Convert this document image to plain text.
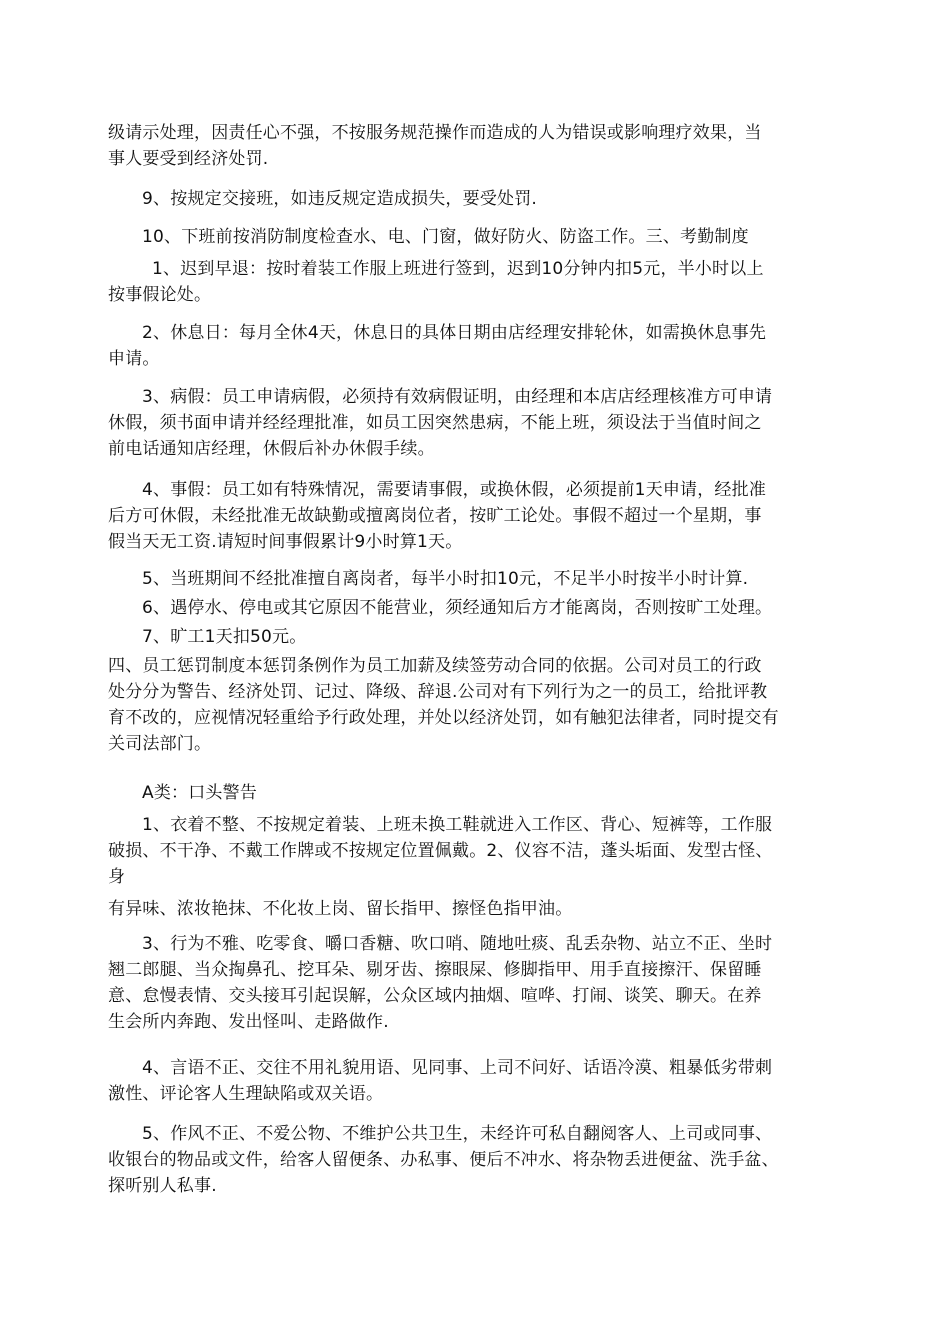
级请示处理，因责任心不强，不按服务规范操作而造成的人为错误或影响理疗效果，当
事人要受到经济处罚.
9、按规定交接班，如违反规定造成损失，要受处罚.
10、下班前按消防制度检查水、电、门窗，做好防火、防盗工作。三、考勤制度
1、迟到早退：按时着装工作服上班进行签到，迟到10分钟内扣5元，半小时以上
按事假论处。
2、休息日：每月全休4天，休息日的具体日期由店经理安排轮休，如需换休息事先
申请。
3、病假：员工申请病假，必须持有效病假证明，由经理和本店店经理核准方可申请
休假，须书面申请并经经理批准，如员工因突然患病，不能上班，须设法于当值时间之
前电话通知店经理，休假后补办休假手续。
4、事假：员工如有特殊情况，需要请事假，或换休假，必须提前1天申请，经批准
后方可休假，未经批准无故缺勤或擅离岗位者，按旷工论处。事假不超过一个星期，事
假当天无工资.请短时间事假累计9小时算1天。
5、当班期间不经批准擅自离岗者，每半小时扣10元，不足半小时按半小时计算.
6、遇停水、停电或其它原因不能营业，须经通知后方才能离岗，否则按旷工处理。
7、旷工1天扣50元。
四、员工惩罚制度本惩罚条例作为员工加薪及续签劳动合同的依据。公司对员工的行政
处分分为警告、经济处罚、记过、降级、辞退.公司对有下列行为之一的员工，给批评教
育不改的，应视情况轻重给予行政处理，并处以经济处罚，如有触犯法律者，同时提交有
关司法部门。
A类：口头警告
1、衣着不整、不按规定着装、上班未换工鞋就进入工作区、背心、短裤等，工作服
破损、不干净、不戴工作牌或不按规定位置佩戴。2、仪容不洁，蓬头垢面、发型古怪、
身
有异味、浓妆艳抹、不化妆上岗、留长指甲、擦怪色指甲油。
3、行为不雅、吃零食、嚼口香糖、吹口哨、随地吐痰、乱丢杂物、站立不正、坐时
翘二郎腿、当众掏鼻孔、挖耳朵、剔牙齿、擦眼屎、修脚指甲、用手直接擦汗、保留睡
意、怠慢表情、交头接耳引起误解，公众区域内抽烟、喧哗、打闹、谈笑、聊天。在养
生会所内奔跑、发出怪叫、走路做作.
4、言语不正、交往不用礼貌用语、见同事、上司不问好、话语冷漠、粗暴低劣带刺
激性、评论客人生理缺陷或双关语。
5、作风不正、不爱公物、不维护公共卫生，未经许可私自翻阅客人、上司或同事、
收银台的物品或文件，给客人留便条、办私事、便后不冲水、将杂物丢进便盆、洗手盆、
探听别人私事.
